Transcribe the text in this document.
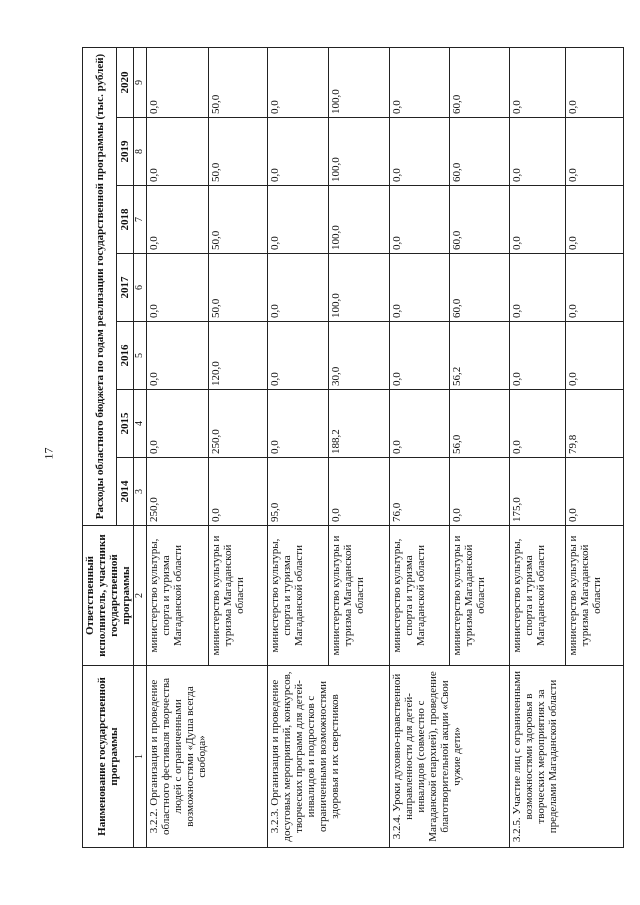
17
Наименование государственной программы	Ответственный исполнитель, участники государственной программы	Расходы областного бюджета по годам реализации государственной программы (тыс. рублей)						
		2014	2015	2016	2017	2018	2019	2020
1	2	3	4	5	6	7	8	9
3.2.2. Организация и проведение областного фестиваля творчества людей с ограниченными возможностями «Душа всегда свобода»	министерство культуры, спорта и туризма Магаданской области	250,0	0,0	0,0	0,0	0,0	0,0	0,0
	министерство культуры и туризма Магаданской области	0,0	250,0	120,0	50,0	50,0	50,0	50,0
3.2.3. Организация и проведение досуговых мероприятий, конкурсов, творческих программ для детей-инвалидов и подростков с ограниченными возможностями здоровья и их сверстников	министерство культуры, спорта и туризма Магаданской области	95,0	0,0	0,0	0,0	0,0	0,0	0,0
	министерство культуры и туризма Магаданской области	0,0	188,2	30,0	100,0	100,0	100,0	100,0
3.2.4. Уроки духовно-нравственной направленности для детей-инвалидов (совместно с Магаданской епархией), проведение благотворительной акции «Свои чужие дети»	министерство культуры, спорта и туризма Магаданской области	76,0	0,0	0,0	0,0	0,0	0,0	0,0
	министерство культуры и туризма Магаданской области	0,0	56,0	56,2	60,0	60,0	60,0	60,0
3.2.5. Участие лиц с ограниченными возможностями здоровья в творческих мероприятиях за пределами Магаданской области	министерство культуры, спорта и туризма Магаданской области	175,0	0,0	0,0	0,0	0,0	0,0	0,0
	министерство культуры и туризма Магаданской области	0,0	79,8	0,0	0,0	0,0	0,0	0,0
